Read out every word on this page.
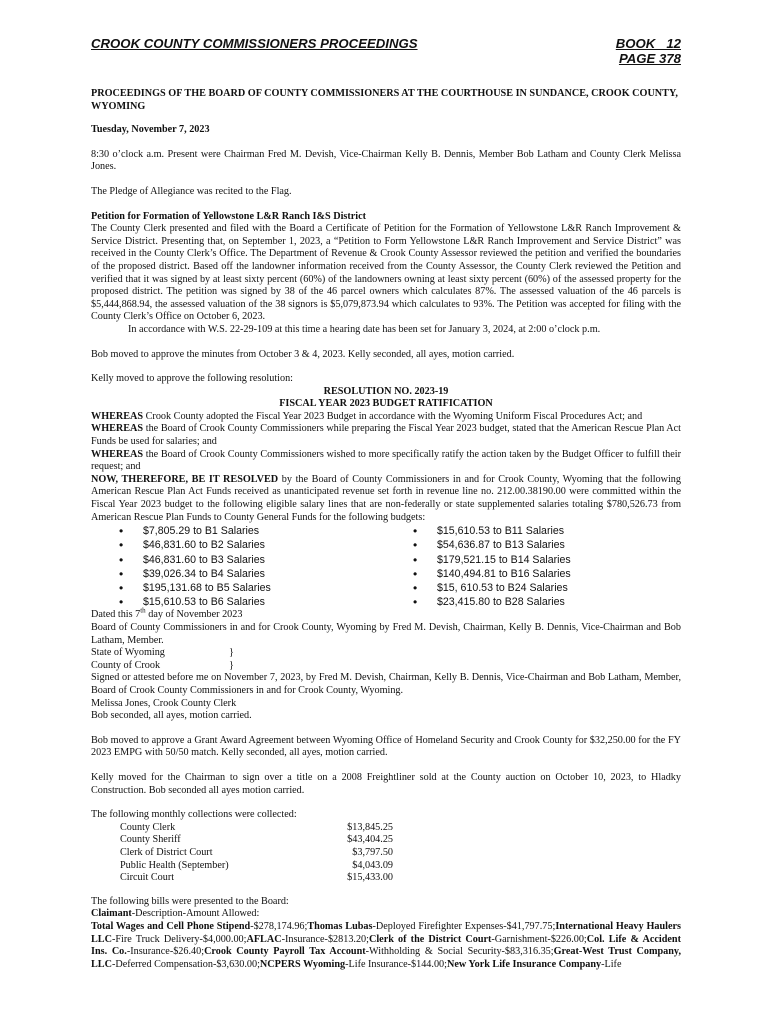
CROOK COUNTY COMMISSIONERS PROCEEDINGS	BOOK   12
PAGE 378
PROCEEDINGS OF THE BOARD OF COUNTY COMMISSIONERS AT THE COURTHOUSE IN SUNDANCE, CROOK COUNTY, WYOMING
Tuesday, November 7, 2023
8:30 o’clock a.m. Present were Chairman Fred M. Devish, Vice-Chairman Kelly B. Dennis, Member Bob Latham and County Clerk Melissa Jones.
The Pledge of Allegiance was recited to the Flag.
Petition for Formation of Yellowstone L&R Ranch I&S District
The County Clerk presented and filed with the Board a Certificate of Petition for the Formation of Yellowstone L&R Ranch Improvement & Service District. Presenting that, on September 1, 2023, a “Petition to Form Yellowstone L&R Ranch Improvement and Service District” was received in the County Clerk’s Office. The Department of Revenue & Crook County Assessor reviewed the petition and verified the boundaries of the proposed district. Based off the landowner information received from the County Assessor, the County Clerk reviewed the Petition and verified that it was signed by at least sixty percent (60%) of the landowners owning at least sixty percent (60%) of the assessed property for the proposed district. The petition was signed by 38 of the 46 parcel owners which calculates 87%. The assessed valuation of the 46 parcels is $5,444,868.94, the assessed valuation of the 38 signors is $5,079,873.94 which calculates to 93%. The Petition was accepted for filing with the County Clerk’s Office on October 6, 2023.
In accordance with W.S. 22-29-109 at this time a hearing date has been set for January 3, 2024, at 2:00 o’clock p.m.
Bob moved to approve the minutes from October 3 & 4, 2023. Kelly seconded, all ayes, motion carried.
Kelly moved to approve the following resolution:
RESOLUTION NO. 2023-19
FISCAL YEAR 2023 BUDGET RATIFICATION
WHEREAS Crook County adopted the Fiscal Year 2023 Budget in accordance with the Wyoming Uniform Fiscal Procedures Act; and
WHEREAS the Board of Crook County Commissioners while preparing the Fiscal Year 2023 budget, stated that the American Rescue Plan Act Funds be used for salaries; and
WHEREAS the Board of Crook County Commissioners wished to more specifically ratify the action taken by the Budget Officer to fulfill their request; and
NOW, THEREFORE, BE IT RESOLVED by the Board of County Commissioners in and for Crook County, Wyoming that the following American Rescue Plan Act Funds received as unanticipated revenue set forth in revenue line no. 212.00.38190.00 were committed within the Fiscal Year 2023 budget to the following eligible salary lines that are non-federally or state supplemented salaries totaling $780,526.73 from American Rescue Plan Funds to County General Funds for the following budgets:
• $7,805.29 to B1 Salaries
• $46,831.60 to B2 Salaries
• $46,831.60 to B3 Salaries
• $39,026.34 to B4 Salaries
• $195,131.68 to B5 Salaries
• $15,610.53 to B6 Salaries
• $15,610.53 to B11 Salaries
• $54,636.87 to B13 Salaries
• $179,521.15 to B14 Salaries
• $140,494.81 to B16 Salaries
• $15, 610.53 to B24 Salaries
• $23,415.80 to B28 Salaries
Dated this 7th day of November 2023
Board of County Commissioners in and for Crook County, Wyoming by Fred M. Devish, Chairman, Kelly B. Dennis, Vice-Chairman and Bob Latham, Member.
State of Wyoming	}
County of Crook	}
Signed or attested before me on November 7, 2023, by Fred M. Devish, Chairman, Kelly B. Dennis, Vice-Chairman and Bob Latham, Member, Board of Crook County Commissioners in and for Crook County, Wyoming.
Melissa Jones, Crook County Clerk
Bob seconded, all ayes, motion carried.
Bob moved to approve a Grant Award Agreement between Wyoming Office of Homeland Security and Crook County for $32,250.00 for the FY 2023 EMPG with 50/50 match. Kelly seconded, all ayes, motion carried.
Kelly moved for the Chairman to sign over a title on a 2008 Freightliner sold at the County auction on October 10, 2023, to Hladky Construction. Bob seconded all ayes motion carried.
The following monthly collections were collected:
County Clerk	$13,845.25
County Sheriff	$43,404.25
Clerk of District Court	$3,797.50
Public Health (September)	$4,043.09
Circuit Court	$15,433.00
The following bills were presented to the Board:
Claimant-Description-Amount Allowed:
Total Wages and Cell Phone Stipend-$278,174.96;Thomas Lubas-Deployed Firefighter Expenses-$41,797.75;International Heavy Haulers LLC-Fire Truck Delivery-$4,000.00;AFLAC-Insurance-$2813.20;Clerk of the District Court-Garnishment-$226.00;Col. Life & Accident Ins. Co.-Insurance-$26.40;Crook County Payroll Tax Account-Withholding & Social Security-$83,316.35;Great-West Trust Company, LLC-Deferred Compensation-$3,630.00;NCPERS Wyoming-Life Insurance-$144.00;New York Life Insurance Company-Life
